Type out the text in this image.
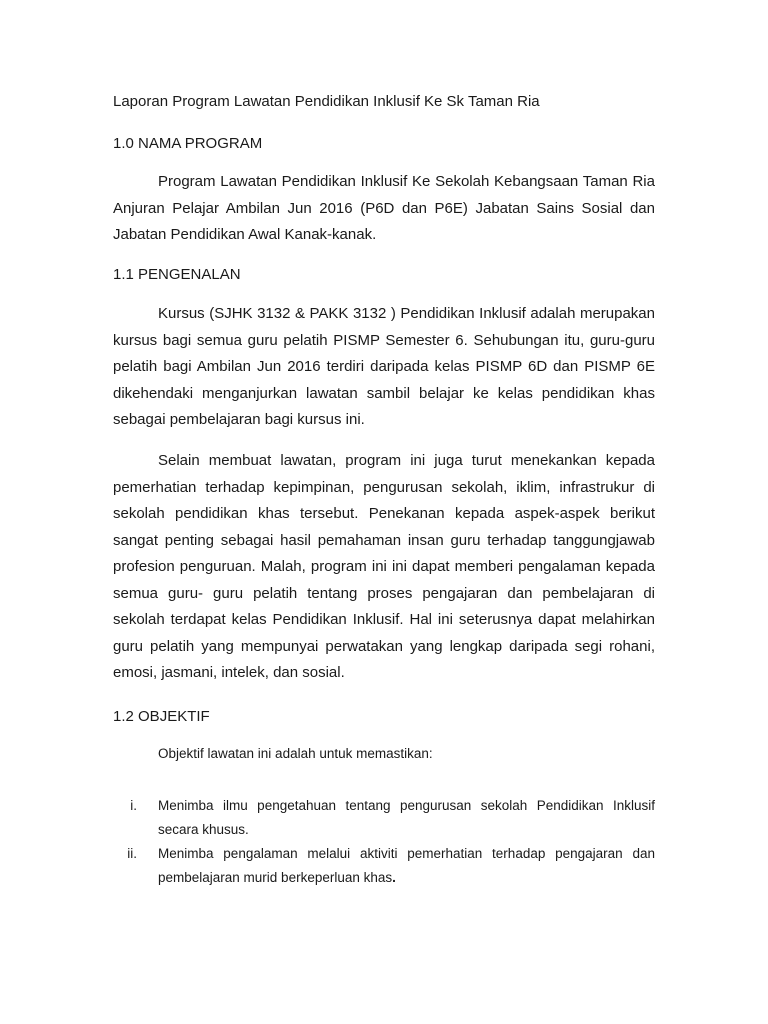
Laporan Program Lawatan Pendidikan Inklusif Ke Sk Taman Ria
1.0 NAMA PROGRAM

Program Lawatan Pendidikan Inklusif Ke Sekolah Kebangsaan Taman Ria Anjuran Pelajar Ambilan Jun 2016 (P6D dan P6E) Jabatan Sains Sosial dan Jabatan Pendidikan Awal Kanak-kanak.

1.1 PENGENALAN

Kursus (SJHK 3132 & PAKK 3132 ) Pendidikan Inklusif adalah merupakan kursus bagi semua guru pelatih PISMP Semester 6. Sehubungan itu, guru-guru pelatih bagi Ambilan Jun 2016 terdiri daripada kelas PISMP 6D dan PISMP 6E dikehendaki menganjurkan lawatan sambil belajar ke kelas pendidikan khas sebagai pembelajaran bagi kursus ini.

Selain membuat lawatan, program ini juga turut menekankan kepada pemerhatian terhadap kepimpinan, pengurusan sekolah, iklim, infrastrukur di sekolah pendidikan khas tersebut. Penekanan kepada aspek-aspek berikut sangat penting sebagai hasil pemahaman insan guru terhadap tanggungjawab profesion penguruan. Malah, program ini ini dapat memberi pengalaman kepada semua guru- guru pelatih tentang proses pengajaran dan pembelajaran di sekolah terdapat kelas Pendidikan Inklusif. Hal ini seterusnya dapat melahirkan guru pelatih yang mempunyai perwatakan yang lengkap daripada segi rohani, emosi, jasmani, intelek, dan sosial.

1.2 OBJEKTIF
Objektif lawatan ini adalah untuk memastikan:
i. Menimba ilmu pengetahuan tentang pengurusan sekolah Pendidikan Inklusif secara khusus.

ii. Menimba pengalaman melalui aktiviti pemerhatian terhadap pengajaran dan pembelajaran murid berkeperluan khas.
